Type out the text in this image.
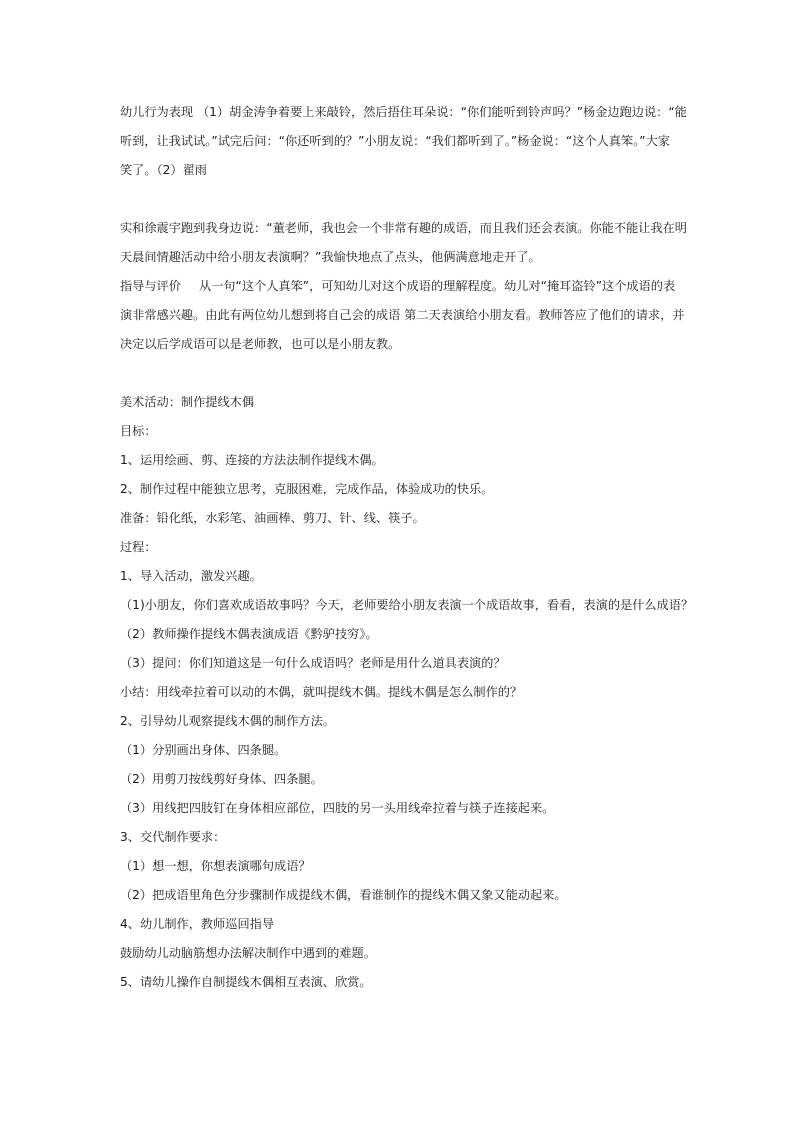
幼儿行为表现 （1）胡金涛争着要上来敲铃，然后捂住耳朵说：“你们能听到铃声吗？”杨金边跑边说：“能
听到，让我试试。”试完后问：“你还听到的？”小朋友说：“我们都听到了。”杨金说：“这个人真笨。”大家
笑了。（2）翟雨
实和徐震宇跑到我身边说：“董老师，我也会一个非常有趣的成语，而且我们还会表演。你能不能让我在明
天晨间情趣活动中给小朋友表演啊？”我愉快地点了点头，他俩满意地走开了。
指导与评价 从一句“这个人真笨”，可知幼儿对这个成语的理解程度。幼儿对“掩耳盗铃”这个成语的表
演非常感兴趣。由此有两位幼儿想到将自己会的成语 第二天表演给小朋友看。教师答应了他们的请求，并
决定以后学成语可以是老师教，也可以是小朋友教。
美术活动：制作提线木偶
目标：
1、运用绘画、剪、连接的方法法制作提线木偶。
2、制作过程中能独立思考，克服困难，完成作品，体验成功的快乐。
准备：铅化纸，水彩笔、油画棒、剪刀、针、线、筷子。
过程：
1、导入活动，激发兴趣。
（1)小朋友，你们喜欢成语故事吗？今天，老师要给小朋友表演一个成语故事，看看，表演的是什么成语？
（2）教师操作提线木偶表演成语《黔驴技穷》。
（3）提问：你们知道这是一句什么成语吗？老师是用什么道具表演的？
小结：用线牵拉着可以动的木偶，就叫提线木偶。提线木偶是怎么制作的？
2、引导幼儿观察提线木偶的制作方法。
（1）分别画出身体、四条腿。
（2）用剪刀按线剪好身体、四条腿。
（3）用线把四肢钉在身体相应部位，四肢的另一头用线牵拉着与筷子连接起来。
3、交代制作要求：
（1）想一想，你想表演哪句成语？
（2）把成语里角色分步骤制作成提线木偶，看谁制作的提线木偶又象又能动起来。
4、幼儿制作，教师巡回指导
鼓励幼儿动脑筋想办法解决制作中遇到的难题。
5、请幼儿操作自制提线木偶相互表演、欣赏。
